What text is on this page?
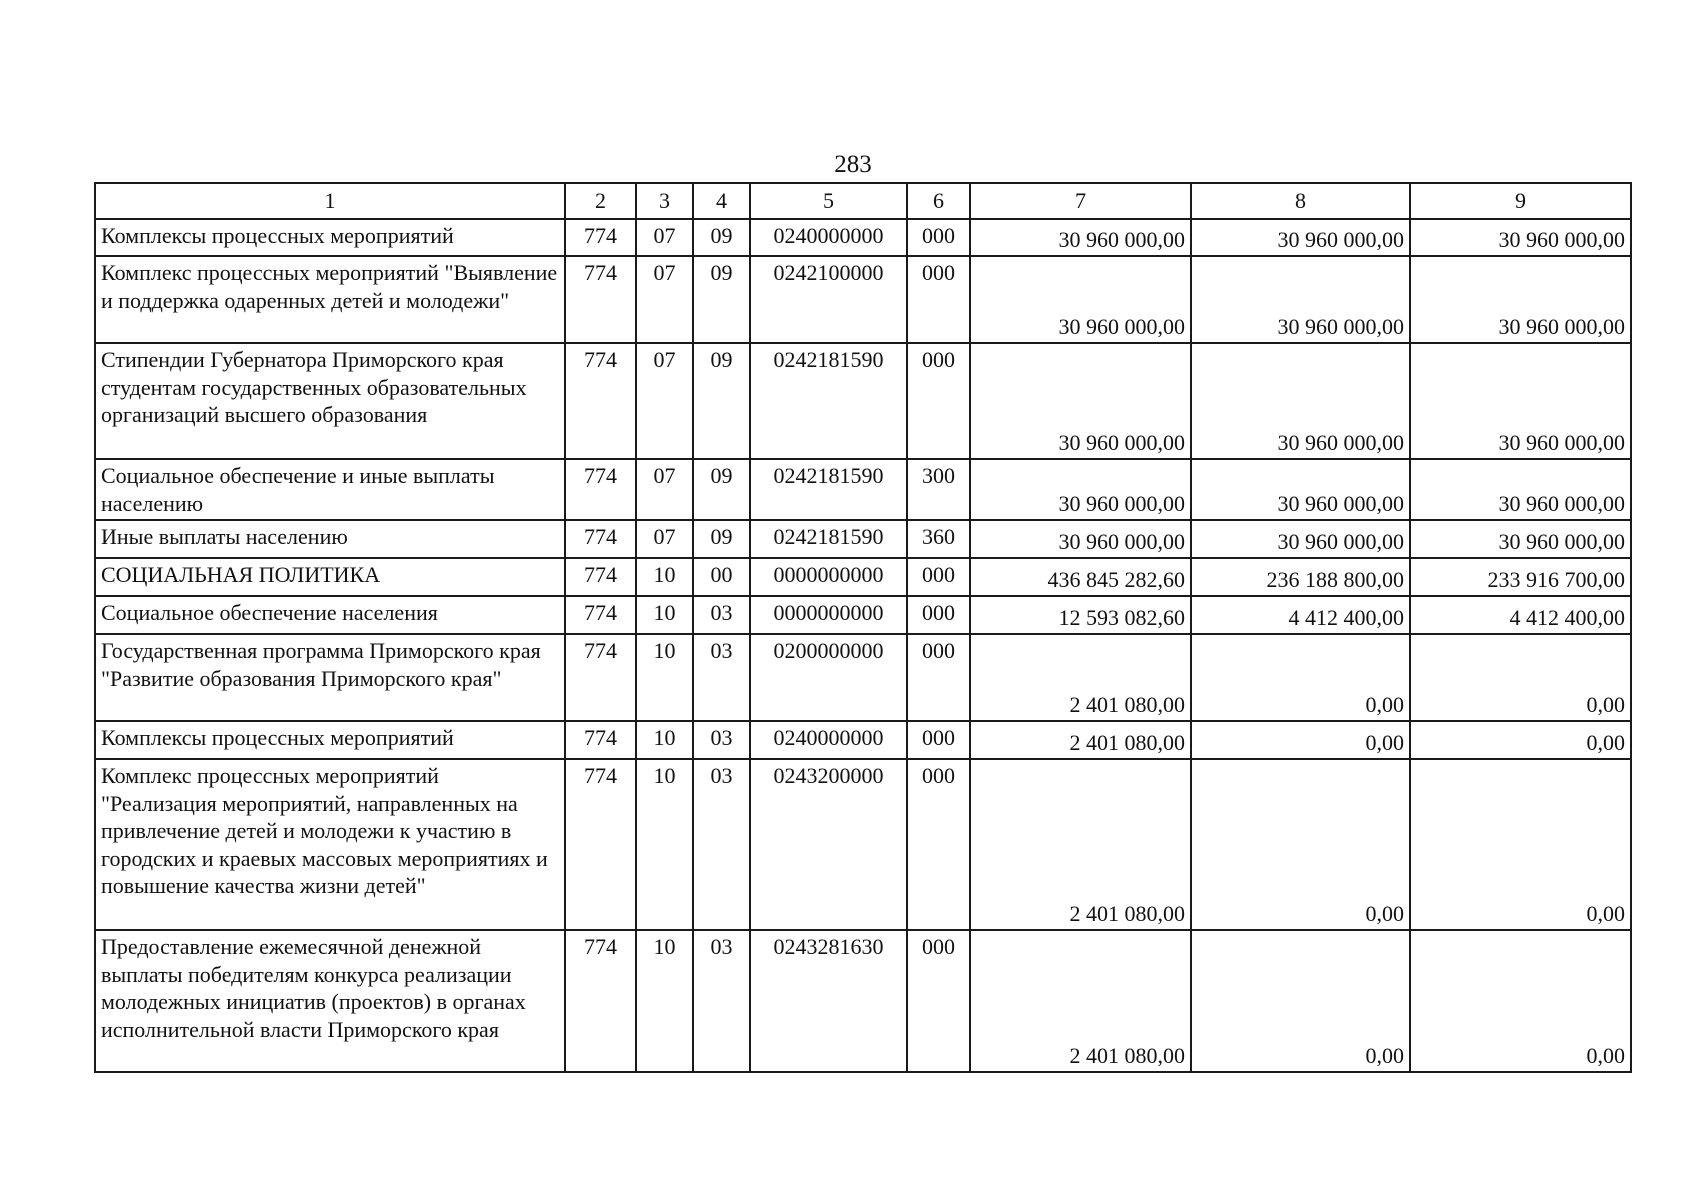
283
1	2	3	4	5	6	7	8	9
Комплексы процессных мероприятий	774	07	09	0240000000	000	30 960 000,00	30 960 000,00	30 960 000,00
Комплекс процессных мероприятий "Выявление и поддержка одаренных детей и молодежи"	774	07	09	0242100000	000	30 960 000,00	30 960 000,00	30 960 000,00
Стипендии Губернатора Приморского края студентам государственных образовательных организаций высшего образования	774	07	09	0242181590	000	30 960 000,00	30 960 000,00	30 960 000,00
Социальное обеспечение и иные выплаты населению	774	07	09	0242181590	300	30 960 000,00	30 960 000,00	30 960 000,00
Иные выплаты населению	774	07	09	0242181590	360	30 960 000,00	30 960 000,00	30 960 000,00
СОЦИАЛЬНАЯ ПОЛИТИКА	774	10	00	0000000000	000	436 845 282,60	236 188 800,00	233 916 700,00
Социальное обеспечение населения	774	10	03	0000000000	000	12 593 082,60	4 412 400,00	4 412 400,00
Государственная программа Приморского края "Развитие образования Приморского края"	774	10	03	0200000000	000	2 401 080,00	0,00	0,00
Комплексы процессных мероприятий	774	10	03	0240000000	000	2 401 080,00	0,00	0,00
Комплекс процессных мероприятий "Реализация мероприятий, направленных на привлечение детей и молодежи к участию в городских и краевых массовых мероприятиях и повышение качества жизни детей"	774	10	03	0243200000	000	2 401 080,00	0,00	0,00
Предоставление ежемесячной денежной выплаты победителям конкурса реализации молодежных инициатив (проектов) в органах исполнительной власти Приморского края	774	10	03	0243281630	000	2 401 080,00	0,00	0,00
